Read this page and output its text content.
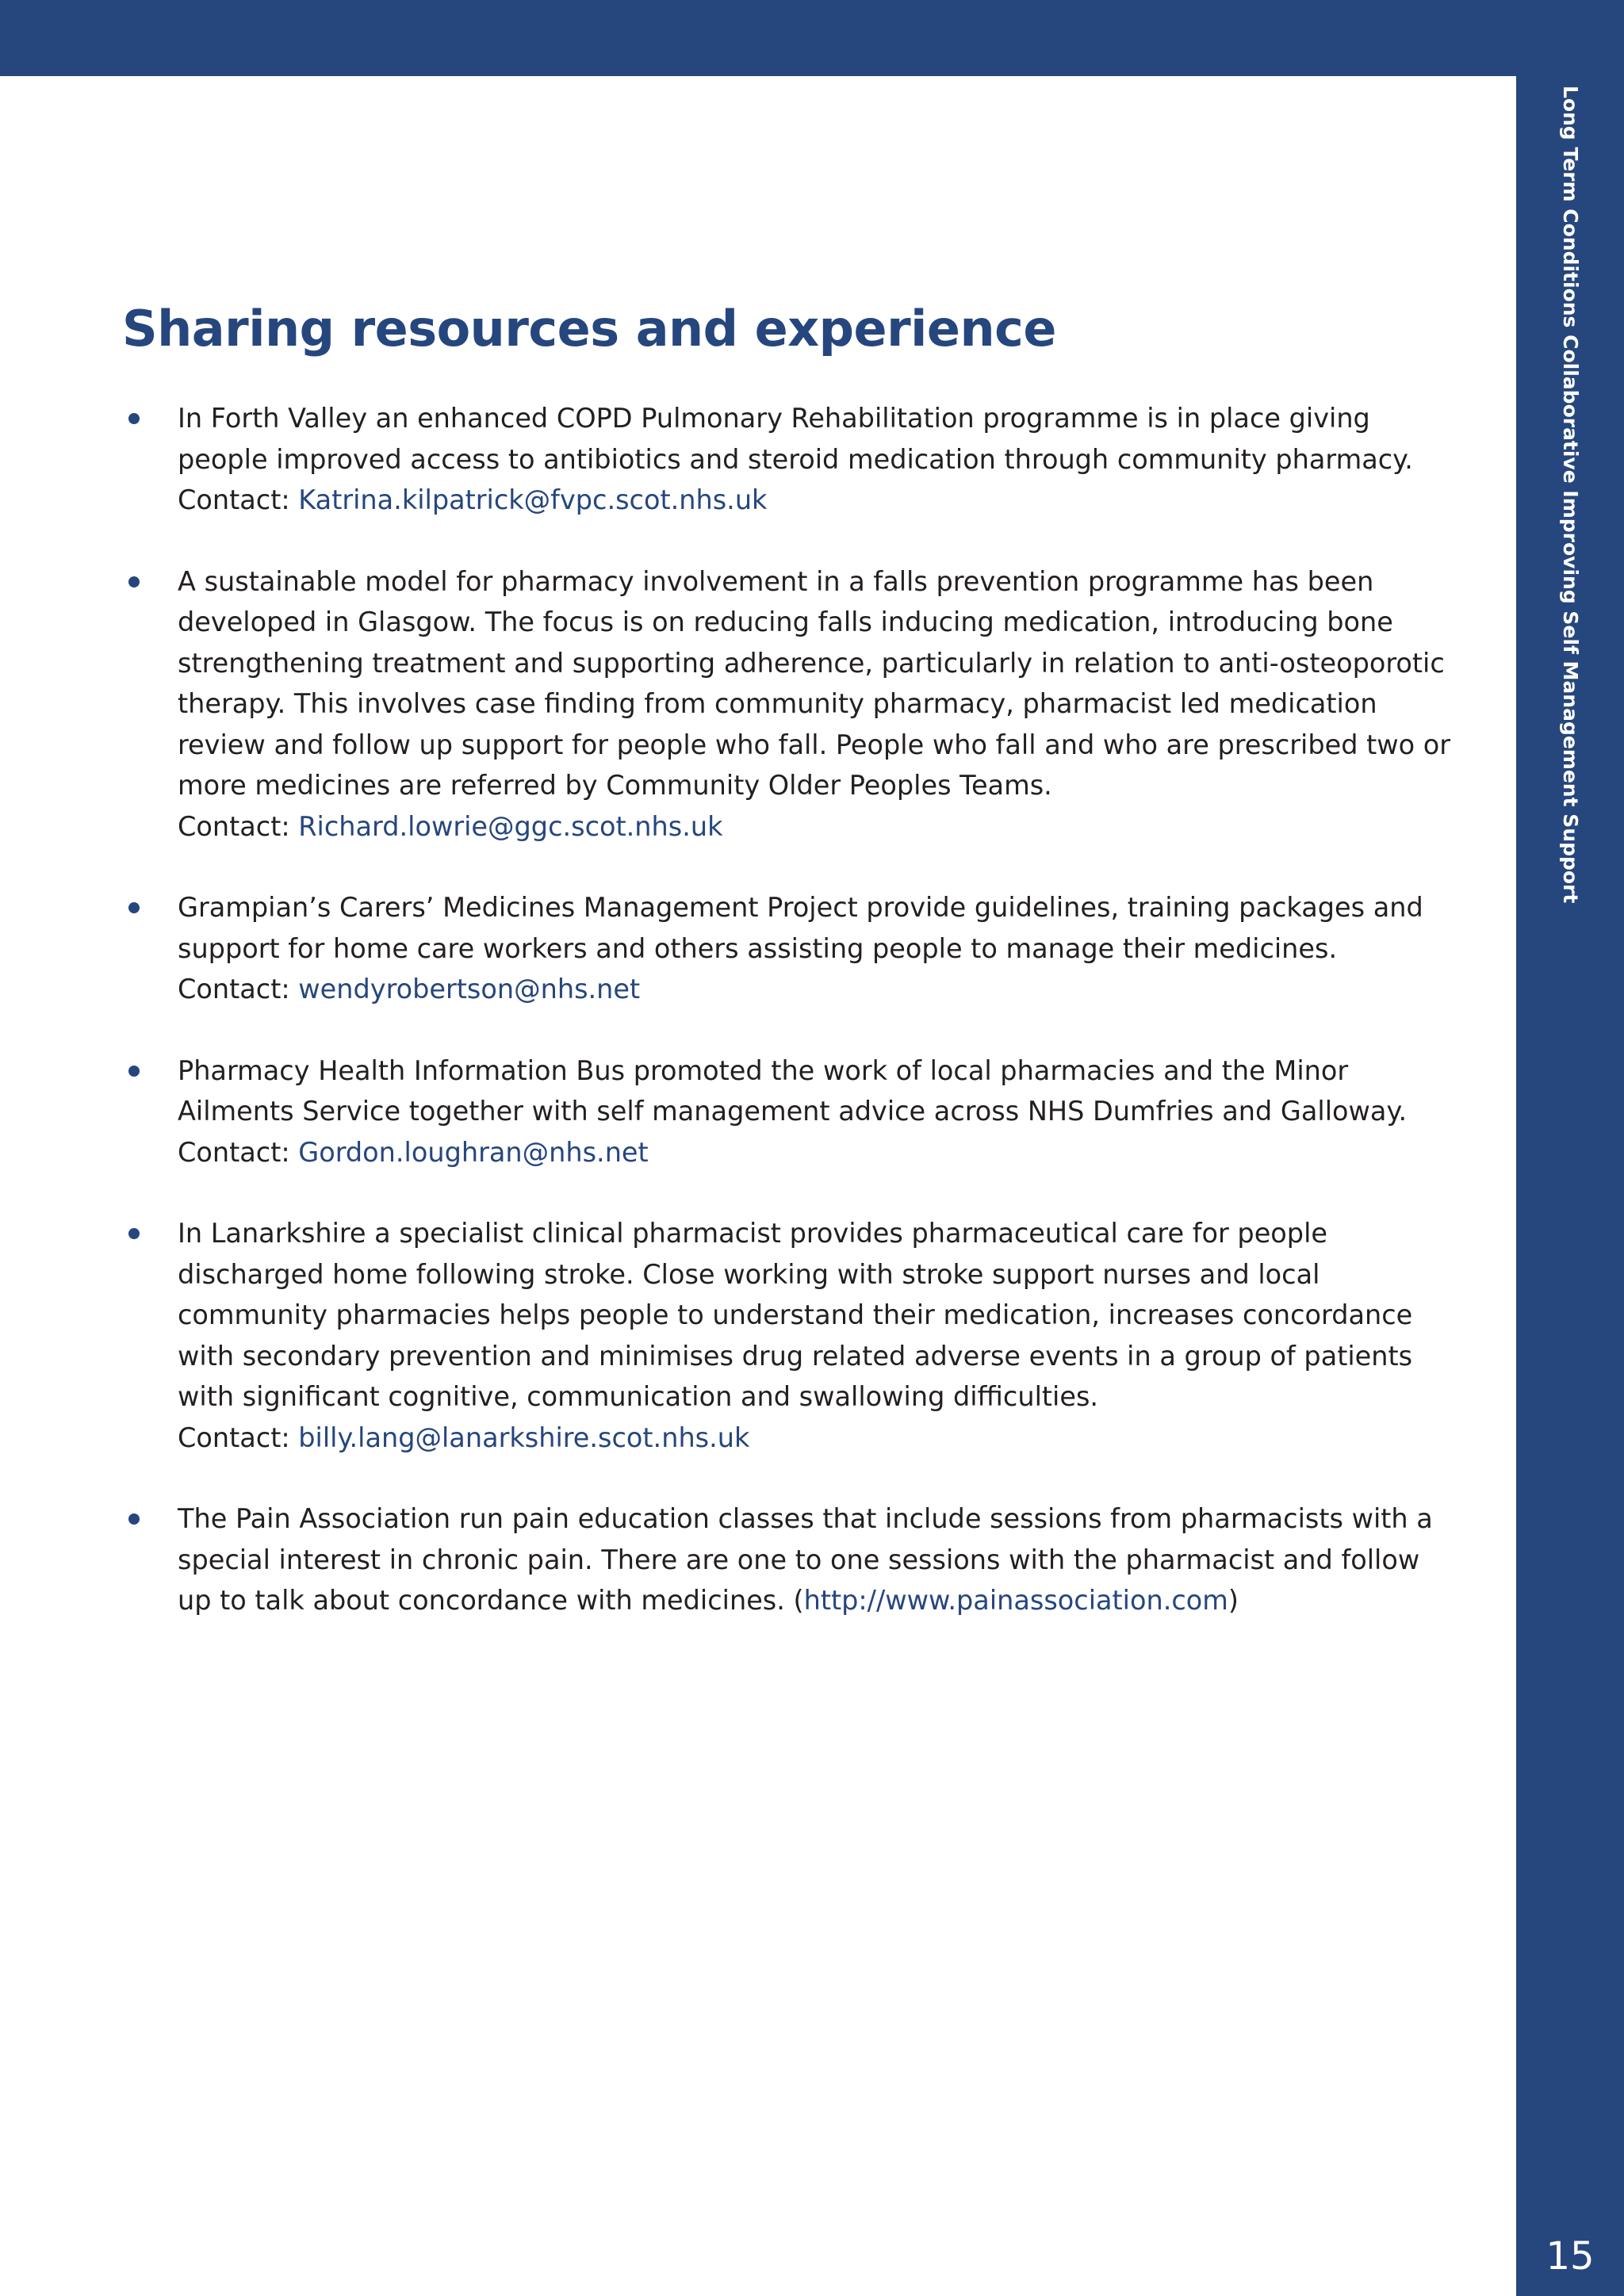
Long Term Conditions Collaborative Improving Self Management Support
15
Sharing resources and experience
In Forth Valley an enhanced COPD Pulmonary Rehabilitation programme is in place giving people improved access to antibiotics and steroid medication through community pharmacy.
Contact: Katrina.kilpatrick@fvpc.scot.nhs.uk
A sustainable model for pharmacy involvement in a falls prevention programme has been developed in Glasgow. The focus is on reducing falls inducing medication, introducing bone strengthening treatment and supporting adherence, particularly in relation to anti-osteoporotic therapy. This involves case finding from community pharmacy, pharmacist led medication review and follow up support for people who fall. People who fall and who are prescribed two or more medicines are referred by Community Older Peoples Teams.
Contact: Richard.lowrie@ggc.scot.nhs.uk
Grampian’s Carers’ Medicines Management Project provide guidelines, training packages and support for home care workers and others assisting people to manage their medicines.
Contact: wendyrobertson@nhs.net
Pharmacy Health Information Bus promoted the work of local pharmacies and the Minor Ailments Service together with self management advice across NHS Dumfries and Galloway.
Contact: Gordon.loughran@nhs.net
In Lanarkshire a specialist clinical pharmacist provides pharmaceutical care for people discharged home following stroke. Close working with stroke support nurses and local community pharmacies helps people to understand their medication, increases concordance with secondary prevention and minimises drug related adverse events in a group of patients with significant cognitive, communication and swallowing difficulties.
Contact: billy.lang@lanarkshire.scot.nhs.uk
The Pain Association run pain education classes that include sessions from pharmacists with a special interest in chronic pain. There are one to one sessions with the pharmacist and follow up to talk about concordance with medicines. (http://www.painassociation.com)
